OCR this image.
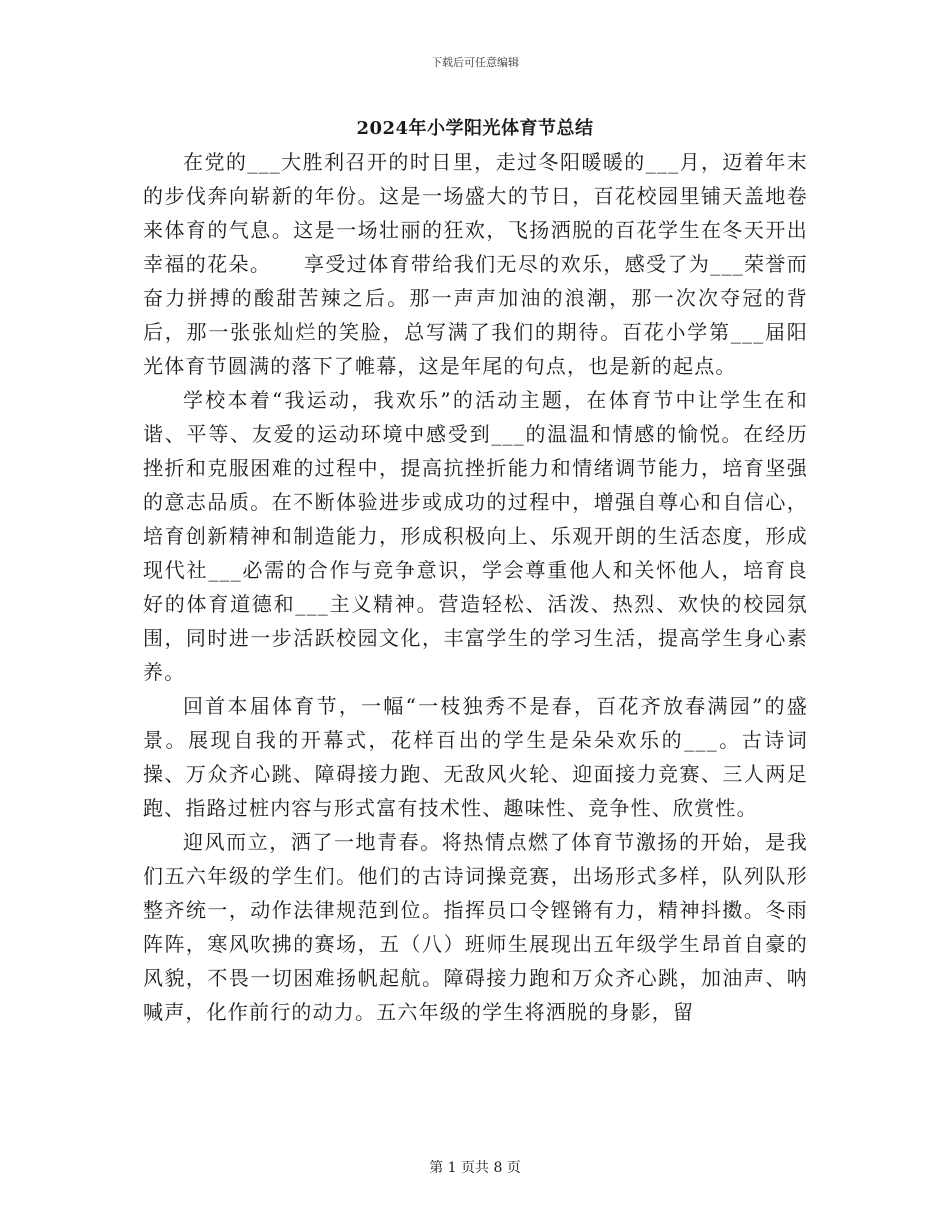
下载后可任意编辑
2024年小学阳光体育节总结

在党的___大胜利召开的时日里，走过冬阳暖暖的___月，迈着年末的步伐奔向崭新的年份。这是一场盛大的节日，百花校园里铺天盖地卷来体育的气息。这是一场壮丽的狂欢，飞扬洒脱的百花学生在冬天开出幸福的花朵。　　享受过体育带给我们无尽的欢乐，感受了为___荣誉而奋力拼搏的酸甜苦辣之后。那一声声加油的浪潮，那一次次夺冠的背后，那一张张灿烂的笑脸，总写满了我们的期待。百花小学第___届阳光体育节圆满的落下了帷幕，这是年尾的句点，也是新的起点。

学校本着“我运动，我欢乐”的活动主题，在体育节中让学生在和谐、平等、友爱的运动环境中感受到___的温温和情感的愉悦。在经历挫折和克服困难的过程中，提高抗挫折能力和情绪调节能力，培育坚强的意志品质。在不断体验进步或成功的过程中，增强自尊心和自信心，培育创新精神和制造能力，形成积极向上、乐观开朗的生活态度，形成现代社___必需的合作与竞争意识，学会尊重他人和关怀他人，培育良好的体育道德和___主义精神。营造轻松、活泼、热烈、欢快的校园氛围，同时进一步活跃校园文化，丰富学生的学习生活，提高学生身心素养。

回首本届体育节，一幅“一枝独秀不是春，百花齐放春满园”的盛景。展现自我的开幕式，花样百出的学生是朵朵欢乐的___。古诗词操、万众齐心跳、障碍接力跑、无敌风火轮、迎面接力竞赛、三人两足跑、指路过桩内容与形式富有技术性、趣味性、竞争性、欣赏性。

迎风而立，洒了一地青春。将热情点燃了体育节激扬的开始，是我们五六年级的学生们。他们的古诗词操竞赛，出场形式多样，队列队形整齐统一，动作法律规范到位。指挥员口令铿锵有力，精神抖擞。冬雨阵阵，寒风吹拂的赛场，五（八）班师生展现出五年级学生昂首自豪的风貌，不畏一切困难扬帆起航。障碍接力跑和万众齐心跳，加油声、呐喊声，化作前行的动力。五六年级的学生将洒脱的身影，留

第 1 页共 8 页
